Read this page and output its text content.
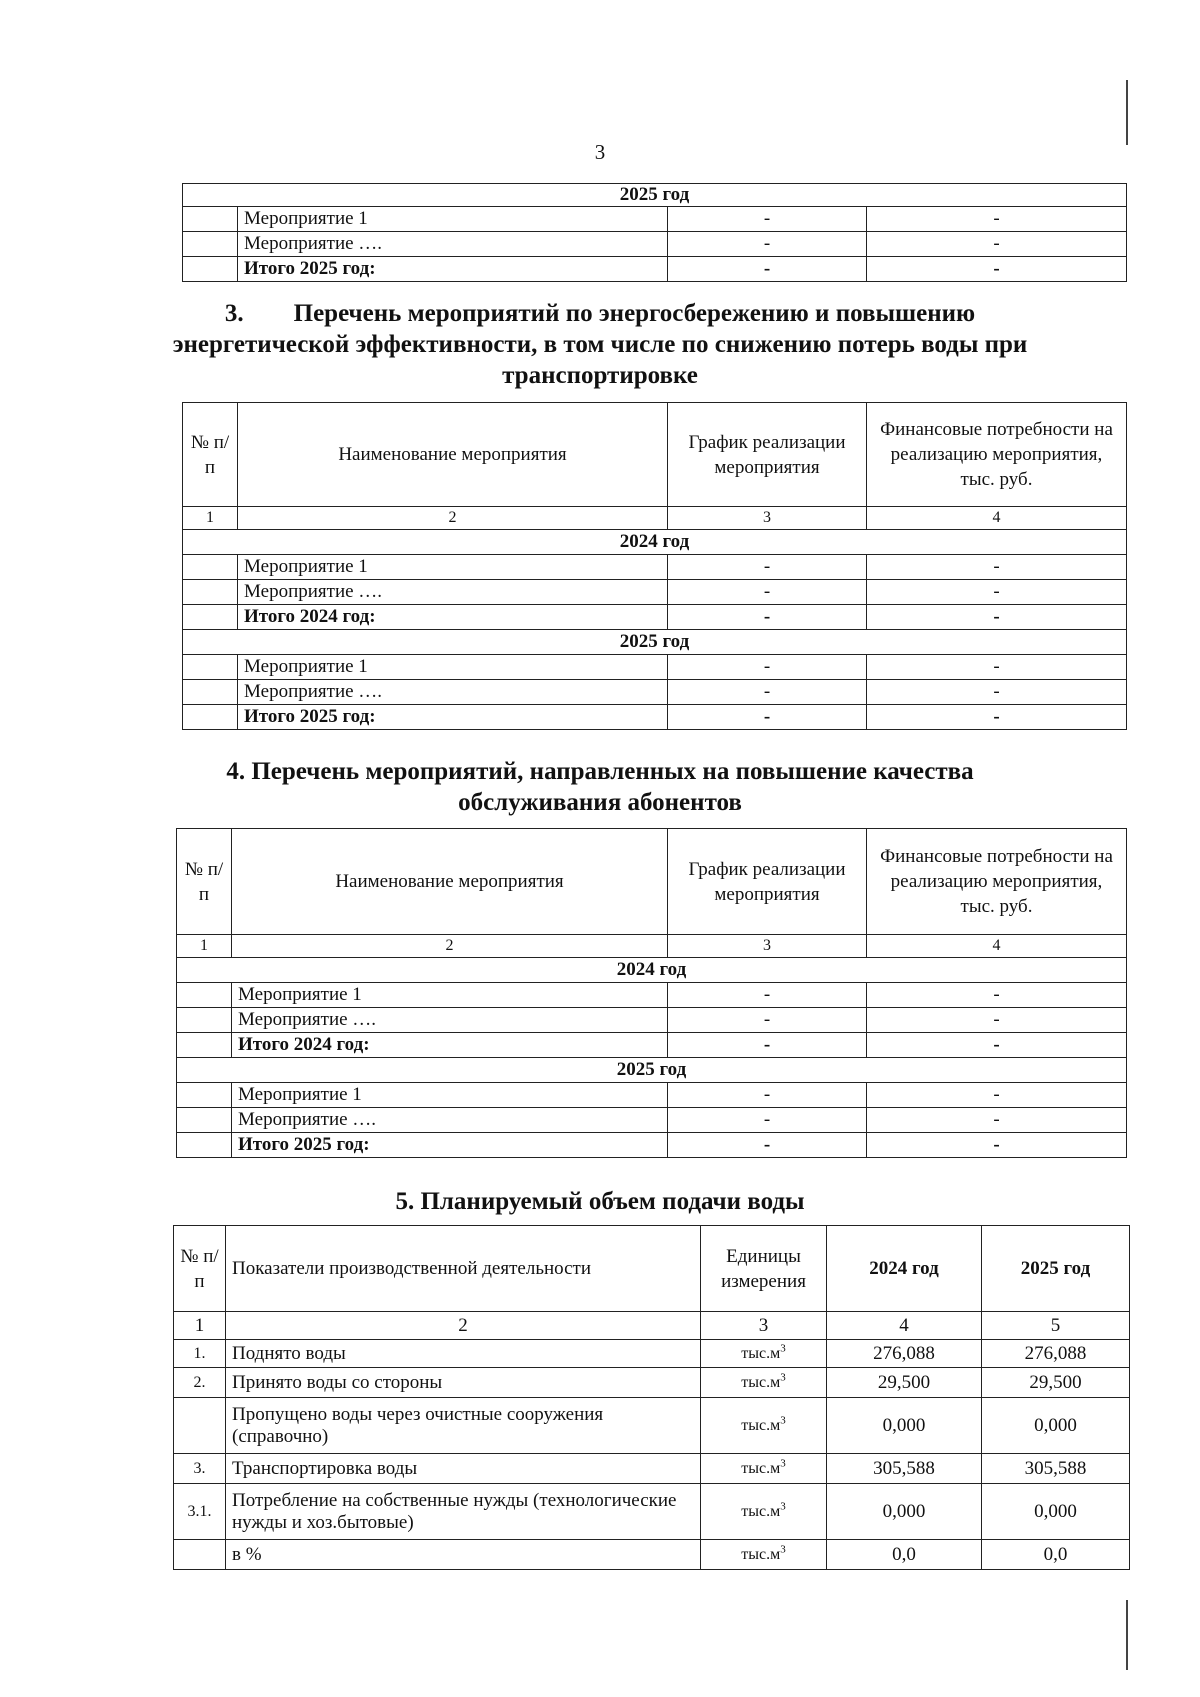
3
2025 год			
	Мероприятие 1	-	-
	Мероприятие ….	-	-
	Итого 2025 год:	-	-
3.        Перечень мероприятий по энергосбережению и повышению
энергетической эффективности, в том числе по снижению потерь воды при
транспортировке
№ п/п	Наименование мероприятия	График реализации мероприятия	Финансовые потребности на реализацию мероприятия, тыс. руб.
1	2	3	4
2024 год			
	Мероприятие 1	-	-
	Мероприятие ….	-	-
	Итого 2024 год:	-	-
2025 год			
	Мероприятие 1	-	-
	Мероприятие ….	-	-
	Итого 2025 год:	-	-
4. Перечень мероприятий, направленных на повышение качества
обслуживания абонентов
№ п/п	Наименование мероприятия	График реализации мероприятия	Финансовые потребности на реализацию мероприятия, тыс. руб.
1	2	3	4
2024 год			
	Мероприятие 1	-	-
	Мероприятие ….	-	-
	Итого 2024 год:	-	-
2025 год			
	Мероприятие 1	-	-
	Мероприятие ….	-	-
	Итого 2025 год:	-	-
5. Планируемый объем подачи воды
№ п/п	Показатели производственной деятельности	Единицы измерения	2024 год	2025 год
1	2	3	4	5
1.	Поднято воды	$тыс.м^3$	276,088	276,088
2.	Принято воды со стороны	$тыс.м^3$	29,500	29,500
	Пропущено воды через очистные сооружения (справочно)	$тыс.м^3$	0,000	0,000
3.	Транспортировка воды	$тыс.м^3$	305,588	305,588
3.1.	Потребление на собственные нужды (технологические нужды и хоз.бытовые)	$тыс.м^3$	0,000	0,000
	в %	$тыс.м^3$	0,0	0,0
